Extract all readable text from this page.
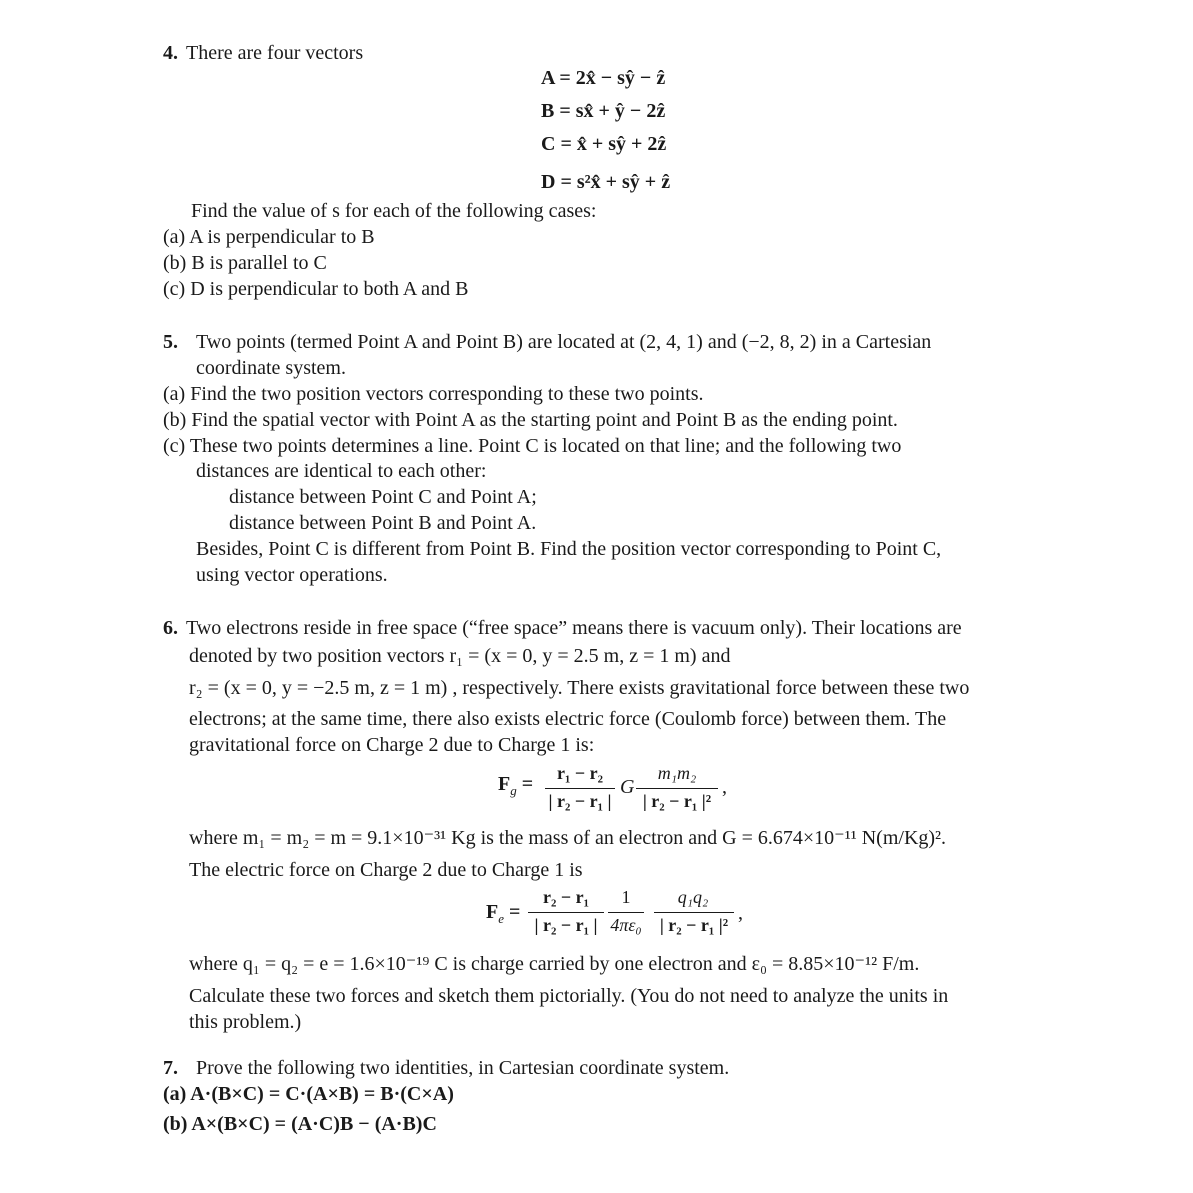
4. There are four vectors
A = 2x̂ − sŷ − ẑ
B = sx̂ + ŷ − 2ẑ
C = x̂ + sŷ + 2ẑ
D = s²x̂ + sŷ + ẑ
Find the value of s for each of the following cases:
(a) A is perpendicular to B
(b) B is parallel to C
(c) D is perpendicular to both A and B
5. Two points (termed Point A and Point B) are located at (2, 4, 1) and (−2, 8, 2) in a Cartesian
coordinate system.
(a) Find the two position vectors corresponding to these two points.
(b) Find the spatial vector with Point A as the starting point and Point B as the ending point.
(c) These two points determines a line. Point C is located on that line; and the following two
distances are identical to each other:
distance between Point C and Point A;
distance between Point B and Point A.
Besides, Point C is different from Point B. Find the position vector corresponding to Point C,
using vector operations.
6. Two electrons reside in free space (“free space” means there is vacuum only). Their locations are
denoted by two position vectors r₁ = (x = 0, y = 2.5 m, z = 1 m) and
r₂ = (x = 0, y = −2.5 m, z = 1 m) , respectively. There exists gravitational force between these two
electrons; at the same time, there also exists electric force (Coulomb force) between them. The
gravitational force on Charge 2 due to Charge 1 is:
$F_g$ =	r₁ − r₂
| r₂ − r₁ |
G
m₁m₂
| r₂ − r₁ |²
,
where m₁ = m₂ = m = 9.1×10⁻³¹ Kg is the mass of an electron and G = 6.674×10⁻¹¹ N(m/Kg)².
The electric force on Charge 2 due to Charge 1 is
$F_e$ =
r₂ − r₁
| r₂ − r₁ |
1
4πε₀
q₁q₂
| r₂ − r₁ |²
,
where q₁ = q₂ = e = 1.6×10⁻¹⁹ C is charge carried by one electron and ε₀ = 8.85×10⁻¹² F/m.
Calculate these two forces and sketch them pictorially. (You do not need to analyze the units in
this problem.)
7. Prove the following two identities, in Cartesian coordinate system.
(a) A·(B×C) = C·(A×B) = B·(C×A)
(b) A×(B×C) = (A·C)B − (A·B)C
